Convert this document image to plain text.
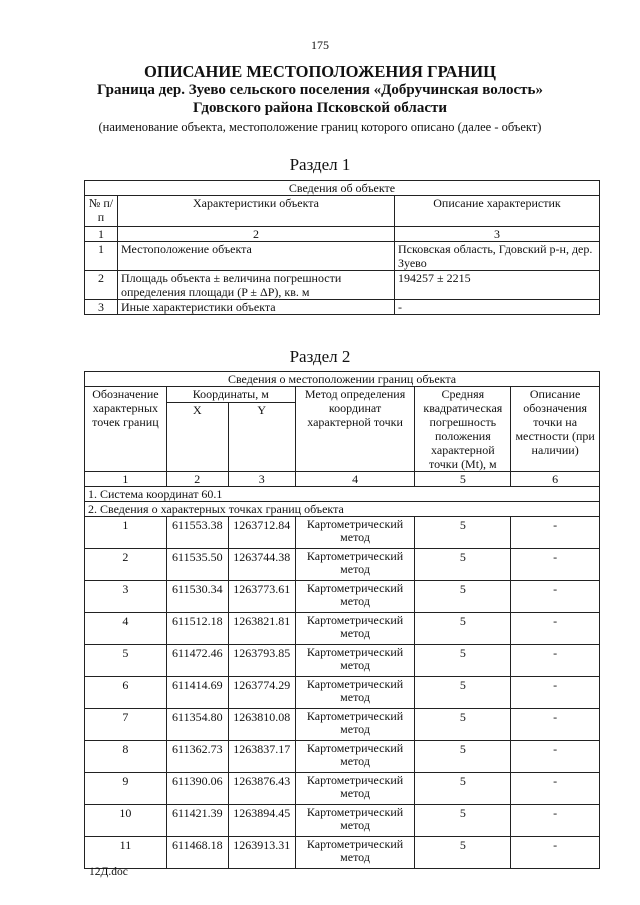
175
ОПИСАНИЕ МЕСТОПОЛОЖЕНИЯ ГРАНИЦ
Граница дер. Зуево сельского поселения «Добручинская волость»
Гдовского района Псковской области
(наименование объекта, местоположение границ которого описано (далее - объект)
Раздел 1
Сведения об объекте		
№ п/п	Характеристики объекта	Описание характеристик
1	2	3
1	Местоположение объекта	Псковская область, Гдовский р-н, дер. Зуево
2	Площадь объекта ± величина погрешности определения площади (P ± ΔP), кв. м	194257 ± 2215
3	Иные характеристики объекта	-
Раздел 2
Сведения о местоположении границ объекта					
Обозначение характерных точек границ	Координаты, м		Метод определения координат характерной точки	Средняя квадратическая погрешность положения характерной точки (Mt), м	Описание обозначения точки на местности (при наличии)
	X	Y			
1	2	3	4	5	6
1. Система координат 60.1					
2. Сведения о характерных точках границ объекта					
1	611553.38	1263712.84	Картометрический метод	5	-
2	611535.50	1263744.38	Картометрический метод	5	-
3	611530.34	1263773.61	Картометрический метод	5	-
4	611512.18	1263821.81	Картометрический метод	5	-
5	611472.46	1263793.85	Картометрический метод	5	-
6	611414.69	1263774.29	Картометрический метод	5	-
7	611354.80	1263810.08	Картометрический метод	5	-
8	611362.73	1263837.17	Картометрический метод	5	-
9	611390.06	1263876.43	Картометрический метод	5	-
10	611421.39	1263894.45	Картометрический метод	5	-
11	611468.18	1263913.31	Картометрический метод	5	-
12Д.doc
